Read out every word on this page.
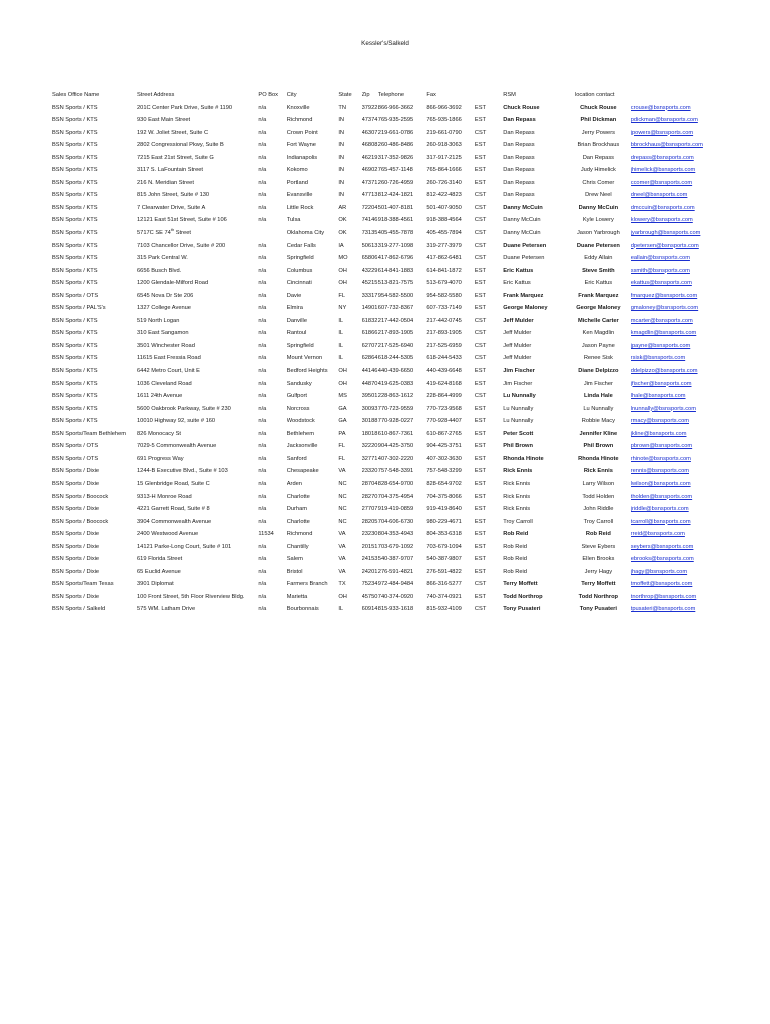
Kessler's/Salkeld
Sales Office Name	Street Address	PO Box	City	State	Zip	Telephone	Fax		RSM	location contact	
BSN Sports / KTS	201C Center Park Drive, Suite # 1190	n/a	Knoxville	TN	37922	866-966-3662	866-966-3692	EST	Chuck Rouse	Chuck Rouse	crouse@bsnsports.com
BSN Sports / KTS	930 East Main Street	n/a	Richmond	IN	47374	765-935-2595	765-935-1866	EST	Dan Repass	Phil Dickman	pdickman@bsnsports.com
BSN Sports / KTS	192 W. Joliet Street, Suite C	n/a	Crown Point	IN	46307	219-661-0786	219-661-0790	CST	Dan Repass	Jerry Powers	jpowers@bsnsports.com
BSN Sports / KTS	2802 Congressional Pkwy, Suite B	n/a	Fort Wayne	IN	46808	260-486-8486	260-918-3063	EST	Dan Repass	Brian Brockhaus	bbrockhaus@bsnsports.com
BSN Sports / KTS	7215 East 21st Street, Suite G	n/a	Indianapolis	IN	46219	317-352-9826	317-917-2125	EST	Dan Repass	Dan Repass	drepass@bsnsports.com
BSN Sports / KTS	3117 S. LaFountain Street	n/a	Kokomo	IN	46902	765-457-1148	765-864-1666	EST	Dan Repass	Judy Himelick	jhimelick@bsnsports.com
BSN Sports / KTS	216 N. Meridian Street	n/a	Portland	IN	47371	260-726-4959	260-726-3140	EST	Dan Repass	Chris Comer	ccomer@bsnsports.com
BSN Sports / KTS	815 John Street, Suite # 130	n/a	Evansville	IN	47713	812-424-1821	812-422-4823	CST	Dan Repass	Drew Neel	dneel@bsnsports.com
BSN Sports / KTS	7 Clearwater Drive, Suite A	n/a	Little Rock	AR	72204	501-407-8181	501-407-9050	CST	Danny McCuin	Danny McCuin	dmccuin@bsnsports.com
BSN Sports / KTS	12121 East 51st Street, Suite # 106	n/a	Tulsa	OK	74146	918-388-4561	918-388-4564	CST	Danny McCuin	Kyle Lowery	klowery@bsnsports.com
BSN Sports / KTS	5717C SE 74th Street		Oklahoma City	OK	73135	405-455-7878	405-455-7894	CST	Danny McCuin	Jason Yarbrough	jyarbrough@bsnsports.com
BSN Sports / KTS	7103 Chancellor Drive, Suite # 200	n/a	Cedar Falls	IA	50613	319-277-1098	319-277-3979	CST	Duane Petersen	Duane Petersen	dpetersen@bsnsports.com
BSN Sports / KTS	315 Park Central W.	n/a	Springfield	MO	65806	417-862-6796	417-862-6481	CST	Duane Petersen	Eddy Allain	eallain@bsnsports.com
BSN Sports / KTS	6656 Busch Blvd.	n/a	Columbus	OH	43229	614-841-1883	614-841-1872	EST	Eric Kattus	Steve Smith	ssmith@bsnsports.com
BSN Sports / KTS	1200 Glendale-Milford Road	n/a	Cincinnati	OH	45215	513-821-7575	513-679-4070	EST	Eric Kattus	Eric Kattus	ekattus@bsnsports.com
BSN Sports / OTS	6545 Nova Dr Ste 206	n/a	Davie	FL	33317	954-582-5500	954-582-5580	EST	Frank Marquez	Frank Marquez	fmarquez@bsnsports.com
BSN Sports / PAL'S's	1327 College Avenue	n/a	Elmira	NY	14901	607-732-8367	607-733-7149	EST	George Maloney	George Maloney	gmaloney@bsnsports.com
BSN Sports / KTS	519 North Logan	n/a	Danville	IL	61832	217-442-0504	217-442-0745	CST	Jeff Mulder	Michelle Carter	mcarter@bsnsports.com
BSN Sports / KTS	310 East Sangamon	n/a	Rantoul	IL	61866	217-893-1905	217-893-1905	CST	Jeff Mulder	Ken Magdlin	kmagdlin@bsnsports.com
BSN Sports / KTS	3501 Winchester Road	n/a	Springfield	IL	62707	217-525-6940	217-525-6959	CST	Jeff Mulder	Jason Payne	jpayne@bsnsports.com
BSN Sports / KTS	11615 East Fressia Road	n/a	Mount Vernon	IL	62864	618-244-5305	618-244-5433	CST	Jeff Mulder	Renee Sisk	rsisk@bsnsports.com
BSN Sports / KTS	6442 Metro Court, Unit E	n/a	Bedford Heights	OH	44146	440-439-6650	440-439-6648	EST	Jim Fischer	Diane Delpizzo	ddelpizzo@bsnsports.com
BSN Sports / KTS	1036 Cleveland Road	n/a	Sandusky	OH	44870	419-625-0383	419-624-8168	EST	Jim Fischer	Jim Fischer	jfischer@bsnsports.com
BSN Sports / KTS	1611 24th Avenue	n/a	Gulfport	MS	39501	228-863-1612	228-864-4999	CST	Lu Nunnally	Linda Hale	lhale@bsnsports.com
BSN Sports / KTS	5600 Oakbrook Parkway, Suite # 230	n/a	Norcross	GA	30093	770-723-9559	770-723-9568	EST	Lu Nunnally	Lu Nunnally	lnunnally@bsnsports.com
BSN Sports / KTS	10010 Highway 92, suite # 160	n/a	Woodstock	GA	30188	770-928-0227	770-928-4407	EST	Lu Nunnally	Robbie Macy	rmacy@bsnsports.com
BSN Sports/Team Bethlehem	826 Monocacy St	n/a	Bethlehem	PA	18018	610-867-7361	610-867-2765	EST	Peter Scott	Jennifer Kline	jkline@bsnsports.com
BSN Sports / OTS	7029-5 Commonwealth Avenue	n/a	Jacksonville	FL	32220	904-425-3750	904-425-3751	EST	Phil Brown	Phil Brown	pbrown@bsnsports.com
BSN Sports / OTS	691 Progress Way	n/a	Sanford	FL	32771	407-302-2220	407-302-3630	EST	Rhonda Hinote	Rhonda Hinote	rhinote@bsnsports.com
BSN Sports / Dixie	1244-B Executive Blvd., Suite # 103	n/a	Chesapeake	VA	23320	757-548-3391	757-548-3299	EST	Rick Ennis	Rick Ennis	rennis@bsnsports.com
BSN Sports / Dixie	15 Glenbridge Road, Suite C	n/a	Arden	NC	28704	828-654-9700	828-654-9702	EST	Rick Ennis	Larry Wilson	lwilson@bsnsports.com
BSN Sports / Boocock	9313-H Monroe Road	n/a	Charlotte	NC	28270	704-375-4954	704-375-8066	EST	Rick Ennis	Todd Holden	tholden@bsnsports.com
BSN Sports / Dixie	4221 Garrett Road, Suite # 8	n/a	Durham	NC	27707	919-419-0859	919-419-8640	EST	Rick Ennis	John Riddle	jriddle@bsnsports.com
BSN Sports / Boocock	3904 Commonwealth Avenue	n/a	Charlotte	NC	28205	704-606-6730	980-229-4671	EST	Troy Carroll	Troy Carroll	tcarroll@bsnsports.com
BSN Sports / Dixie	2400 Westwood Avenue	11534	Richmond	VA	23230	804-353-4943	804-353-6318	EST	Rob Reid	Rob Reid	rreid@bsnsports.com
BSN Sports / Dixie	14121 Parke-Long Court, Suite # 101	n/a	Chantilly	VA	20151	703-679-1092	703-679-1094	EST	Rob Reid	Steve Eybers	seybers@bsnsports.com
BSN Sports / Dixie	619 Florida Street	n/a	Salem	VA	24153	540-387-9707	540-387-9807	EST	Rob Reid	Ellen Brooks	ebrooks@bsnsports.com
BSN Sports / Dixie	65 Euclid Avenue	n/a	Bristol	VA	24201	276-591-4821	276-591-4822	EST	Rob Reid	Jerry Hagy	jhagy@bsnsports.com
BSN Sports/Team Texas	3901 Diplomat	n/a	Farmers Branch	TX	75234	972-484-9484	866-316-5277	CST	Terry Moffett	Terry Moffett	tmoffett@bsnsports.com
BSN Sports / Dixie	100 Front Street, 5th Floor Riverview Bldg.	n/a	Marietta	OH	45750	740-374-0920	740-374-0921	EST	Todd Northrop	Todd Northrop	tnorthrop@bsnsports.com
BSN Sports / Salkeld	575 WM. Latham Drive	n/a	Bourbonnais	IL	60914	815-933-1618	815-932-4109	CST	Tony Pusateri	Tony Pusateri	tpusateri@bsnsports.com
